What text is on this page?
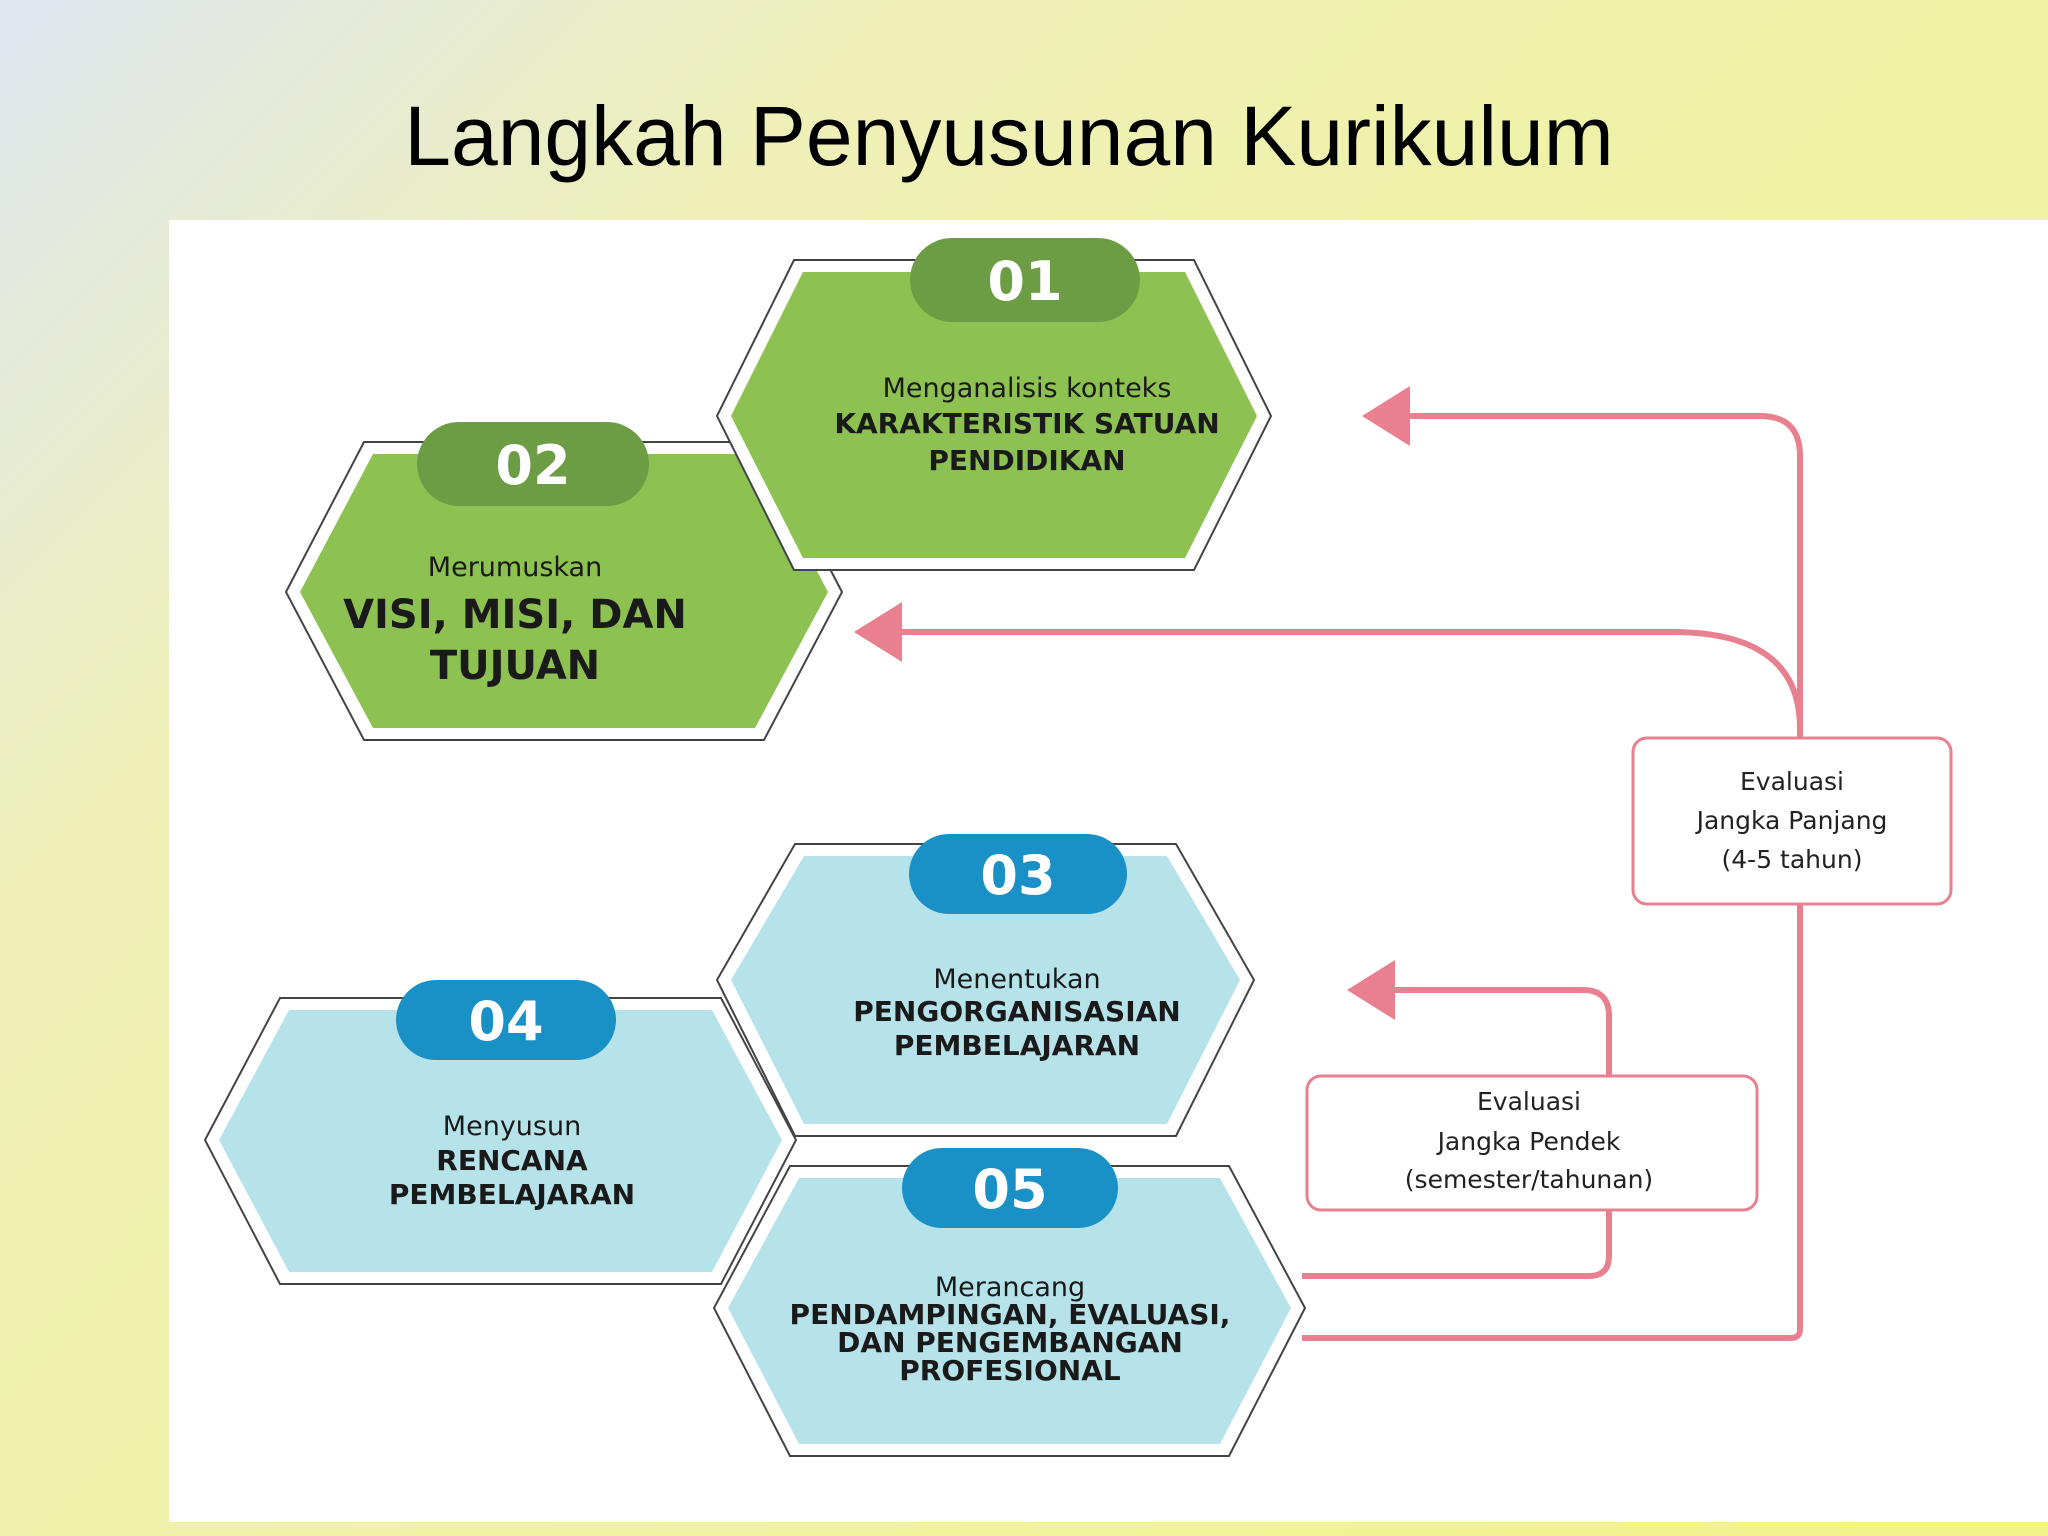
Langkah Penyusunan Kurikulum
Evaluasi
Jangka Panjang
(4-5 tahun)
Evaluasi
Jangka Pendek
(semester/tahunan)
02
Merumuskan
VISI, MISI, DAN
TUJUAN
01
Menganalisis konteks
KARAKTERISTIK SATUAN
PENDIDIKAN
04
Menyusun
RENCANA
PEMBELAJARAN
03
Menentukan
PENGORGANISASIAN
PEMBELAJARAN
05
Merancang
PENDAMPINGAN, EVALUASI,
DAN PENGEMBANGAN
PROFESIONAL
